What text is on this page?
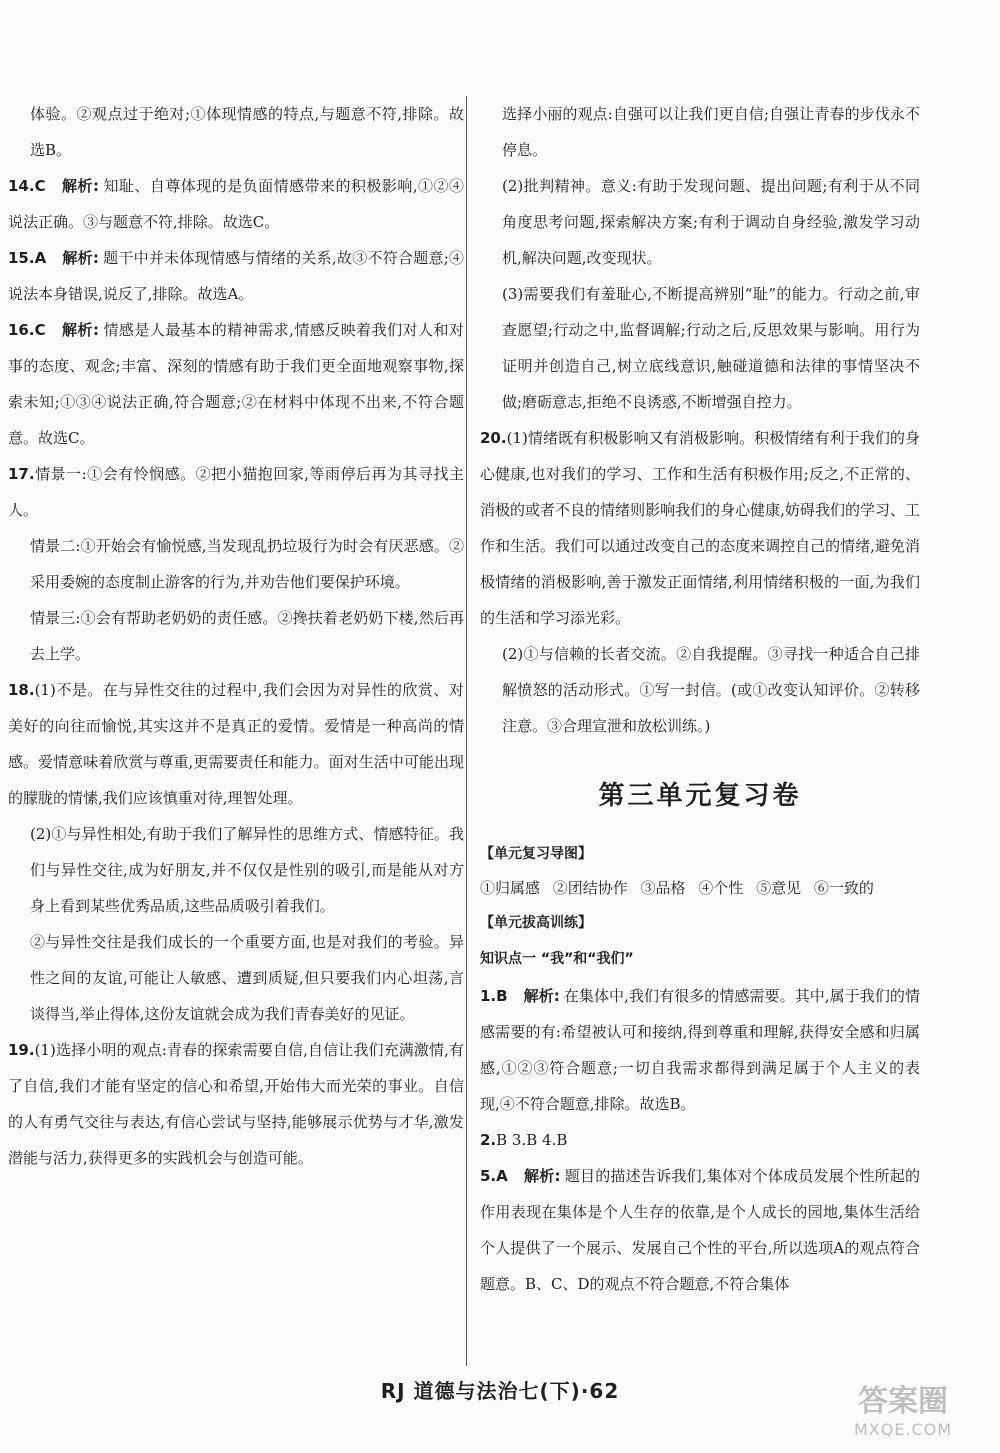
体验。②观点过于绝对;①体现情感的特点,与题意不符,排除。故选B。

14.C 解析: 知耻、自尊体现的是负面情感带来的积极影响,①②④说法正确。③与题意不符,排除。故选C。

15.A 解析: 题干中并未体现情感与情绪的关系,故③不符合题意;④说法本身错误,说反了,排除。故选A。

16.C 解析: 情感是人最基本的精神需求,情感反映着我们对人和对事的态度、观念;丰富、深刻的情感有助于我们更全面地观察事物,探索未知;①③④说法正确,符合题意;②在材料中体现不出来,不符合题意。故选C。

17.情景一:①会有怜悯感。②把小猫抱回家,等雨停后再为其寻找主人。

情景二:①开始会有愉悦感,当发现乱扔垃圾行为时会有厌恶感。②采用委婉的态度制止游客的行为,并劝告他们要保护环境。

情景三:①会有帮助老奶奶的责任感。②搀扶着老奶奶下楼,然后再去上学。

18.(1)不是。在与异性交往的过程中,我们会因为对异性的欣赏、对美好的向往而愉悦,其实这并不是真正的爱情。爱情是一种高尚的情感。爱情意味着欣赏与尊重,更需要责任和能力。面对生活中可能出现的朦胧的情愫,我们应该慎重对待,理智处理。

(2)①与异性相处,有助于我们了解异性的思维方式、情感特征。我们与异性交往,成为好朋友,并不仅仅是性别的吸引,而是能从对方身上看到某些优秀品质,这些品质吸引着我们。

②与异性交往是我们成长的一个重要方面,也是对我们的考验。异性之间的友谊,可能让人敏感、遭到质疑,但只要我们内心坦荡,言谈得当,举止得体,这份友谊就会成为我们青春美好的见证。

19.(1)选择小明的观点:青春的探索需要自信,自信让我们充满激情,有了自信,我们才能有坚定的信心和希望,开始伟大而光荣的事业。自信的人有勇气交往与表达,有信心尝试与坚持,能够展示优势与才华,激发潜能与活力,获得更多的实践机会与创造可能。

选择小丽的观点:自强可以让我们更自信;自强让青春的步伐永不停息。

(2)批判精神。意义:有助于发现问题、提出问题;有利于从不同角度思考问题,探索解决方案;有利于调动自身经验,激发学习动机,解决问题,改变现状。

(3)需要我们有羞耻心,不断提高辨别“耻”的能力。行动之前,审查愿望;行动之中,监督调解;行动之后,反思效果与影响。用行为证明并创造自己,树立底线意识,触碰道德和法律的事情坚决不做;磨砺意志,拒绝不良诱惑,不断增强自控力。

20.(1)情绪既有积极影响又有消极影响。积极情绪有利于我们的身心健康,也对我们的学习、工作和生活有积极作用;反之,不正常的、消极的或者不良的情绪则影响我们的身心健康,妨碍我们的学习、工作和生活。我们可以通过改变自己的态度来调控自己的情绪,避免消极情绪的消极影响,善于激发正面情绪,利用情绪积极的一面,为我们的生活和学习添光彩。

(2)①与信赖的长者交流。②自我提醒。③寻找一种适合自己排解愤怒的活动形式。①写一封信。(或①改变认知评价。②转移注意。③合理宣泄和放松训练。)

第三单元复习卷

【单元复习导图】

①归属感 ②团结协作 ③品格 ④个性 ⑤意见 ⑥一致的

【单元拔高训练】

知识点一 “我”和“我们”

1.B 解析: 在集体中,我们有很多的情感需要。其中,属于我们的情感需要的有:希望被认可和接纳,得到尊重和理解,获得安全感和归属感,①②③符合题意;一切自我需求都得到满足属于个人主义的表现,④不符合题意,排除。故选B。

2.B 3.B 4.B

5.A 解析: 题目的描述告诉我们,集体对个体成员发展个性所起的作用表现在集体是个人生存的依靠,是个人成长的园地,集体生活给个人提供了一个展示、发展自己个性的平台,所以选项A的观点符合题意。B、C、D的观点不符合题意,不符合集体

RJ 道德与法治七(下)·62	答案圈
MXQE.COM
